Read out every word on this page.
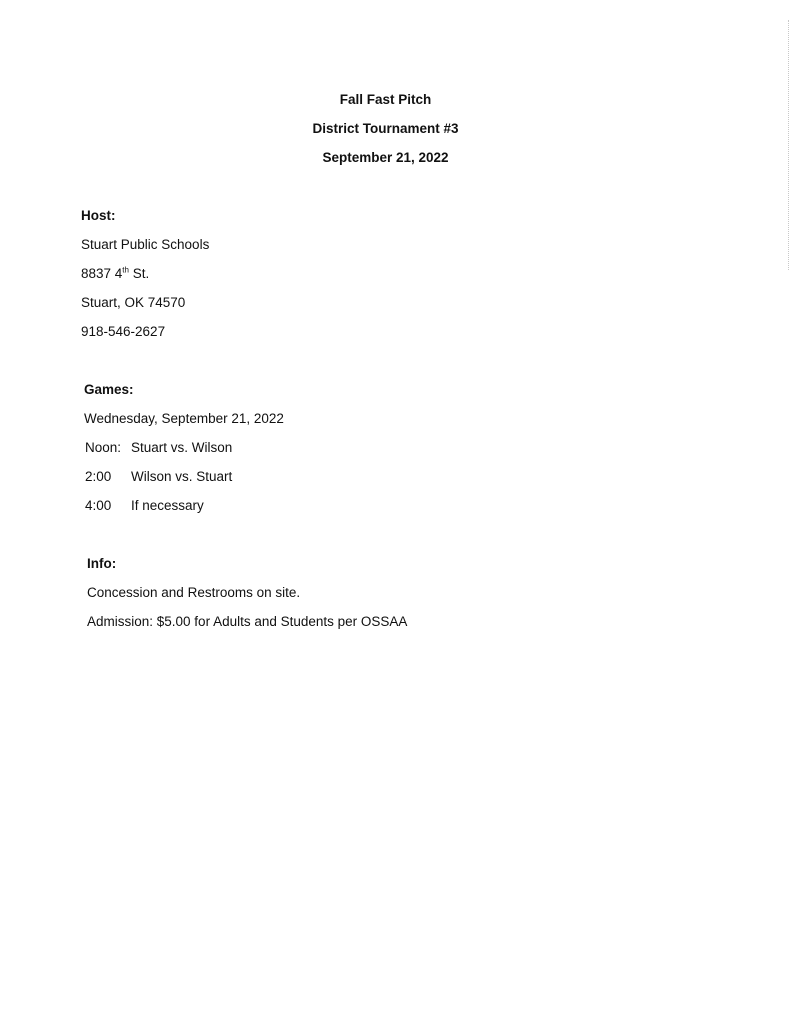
Fall Fast Pitch
District Tournament #3
September 21, 2022
Host:
Stuart Public Schools
8837 4th St.
Stuart, OK 74570
918-546-2627
Games:
Wednesday, September 21, 2022
Noon: Stuart vs. Wilson
2:00 Wilson vs. Stuart
4:00 If necessary
Info:
Concession and Restrooms on site.
Admission: $5.00 for Adults and Students per OSSAA
